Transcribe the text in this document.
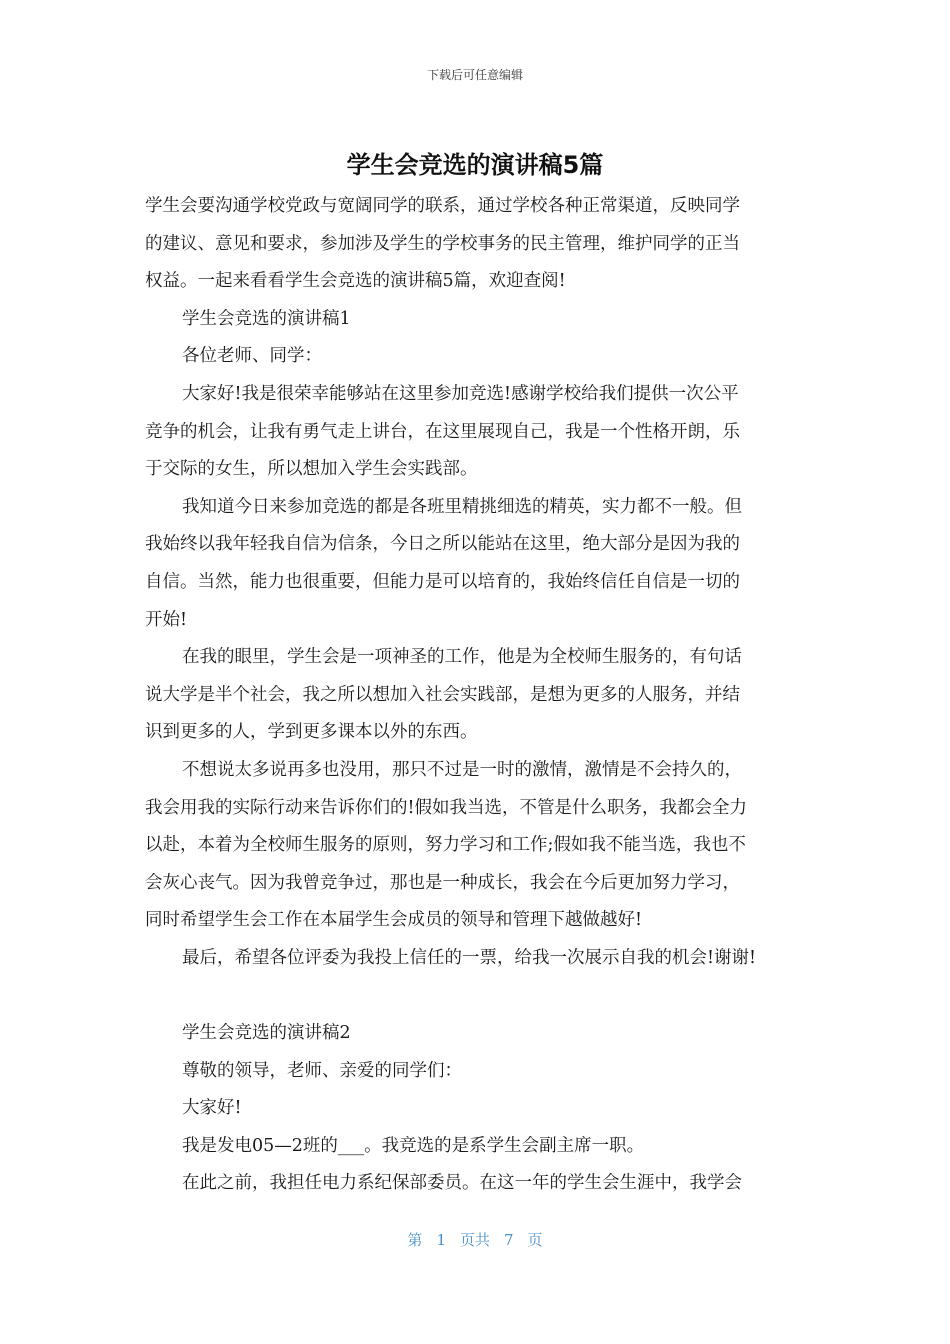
下载后可任意编辑
学生会竞选的演讲稿5篇
学生会要沟通学校党政与宽阔同学的联系，通过学校各种正常渠道，反映同学
的建议、意见和要求，参加涉及学生的学校事务的民主管理，维护同学的正当
权益。一起来看看学生会竞选的演讲稿5篇，欢迎查阅!
学生会竞选的演讲稿1
各位老师、同学：
大家好!我是很荣幸能够站在这里参加竞选!感谢学校给我们提供一次公平
竞争的机会，让我有勇气走上讲台，在这里展现自己，我是一个性格开朗，乐
于交际的女生，所以想加入学生会实践部。
我知道今日来参加竞选的都是各班里精挑细选的精英，实力都不一般。但
我始终以我年轻我自信为信条，今日之所以能站在这里，绝大部分是因为我的
自信。当然，能力也很重要，但能力是可以培育的，我始终信任自信是一切的
开始!
在我的眼里，学生会是一项神圣的工作，他是为全校师生服务的，有句话
说大学是半个社会，我之所以想加入社会实践部，是想为更多的人服务，并结
识到更多的人，学到更多课本以外的东西。
不想说太多说再多也没用，那只不过是一时的激情，激情是不会持久的，
我会用我的实际行动来告诉你们的!假如我当选，不管是什么职务，我都会全力
以赴，本着为全校师生服务的原则，努力学习和工作;假如我不能当选，我也不
会灰心丧气。因为我曾竞争过，那也是一种成长，我会在今后更加努力学习，
同时希望学生会工作在本届学生会成员的领导和管理下越做越好!
最后，希望各位评委为我投上信任的一票，给我一次展示自我的机会!谢谢!
学生会竞选的演讲稿2
尊敬的领导，老师、亲爱的同学们：
大家好!
我是发电05—2班的___。我竞选的是系学生会副主席一职。
在此之前，我担任电力系纪保部委员。在这一年的学生会生涯中，我学会
第 1 页共 7 页
